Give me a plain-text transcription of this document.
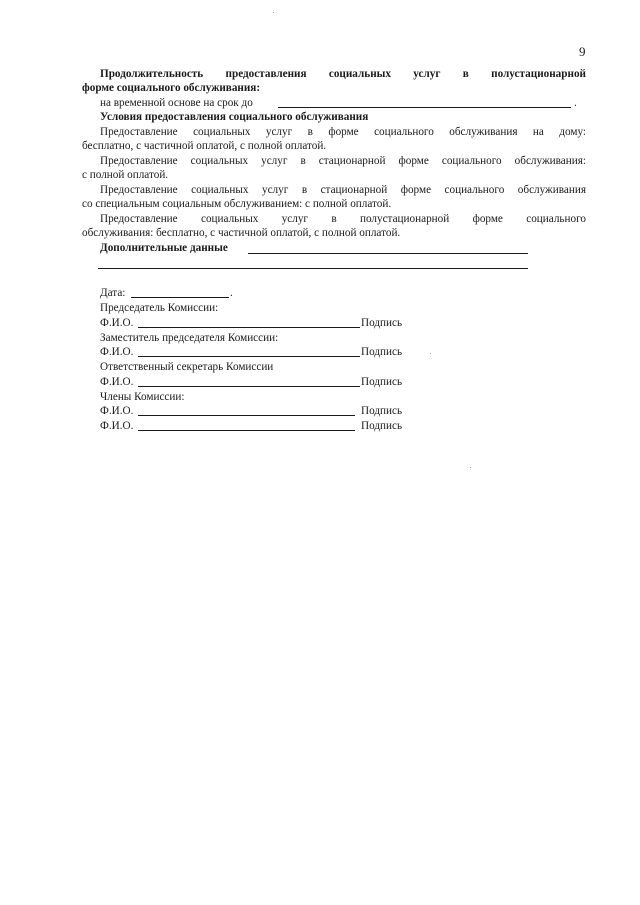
9
Продолжительность предоставления социальных услуг в полустационарной
форме социального обслуживания:
на временной основе на срок до	.
Условия предоставления социального обслуживания
Предоставление социальных услуг в форме социального обслуживания на дому:
бесплатно, с частичной оплатой, с полной оплатой.
Предоставление социальных услуг в стационарной форме социального обслуживания:
с полной оплатой.
Предоставление социальных услуг в стационарной форме социального обслуживания
со специальным социальным обслуживанием: с полной оплатой.
Предоставление социальных услуг в полустационарной форме социального
обслуживания: бесплатно, с частичной оплатой, с полной оплатой.
Дополнительные данные
Дата:	.
Председатель Комиссии:
Ф.И.О.	Подпись
Заместитель председателя Комиссии:
Ф.И.О.	Подпись
Ответственный секретарь Комиссии
Ф.И.О.	Подпись
Члены Комиссии:
Ф.И.О.	Подпись
Ф.И.О.	Подпись
